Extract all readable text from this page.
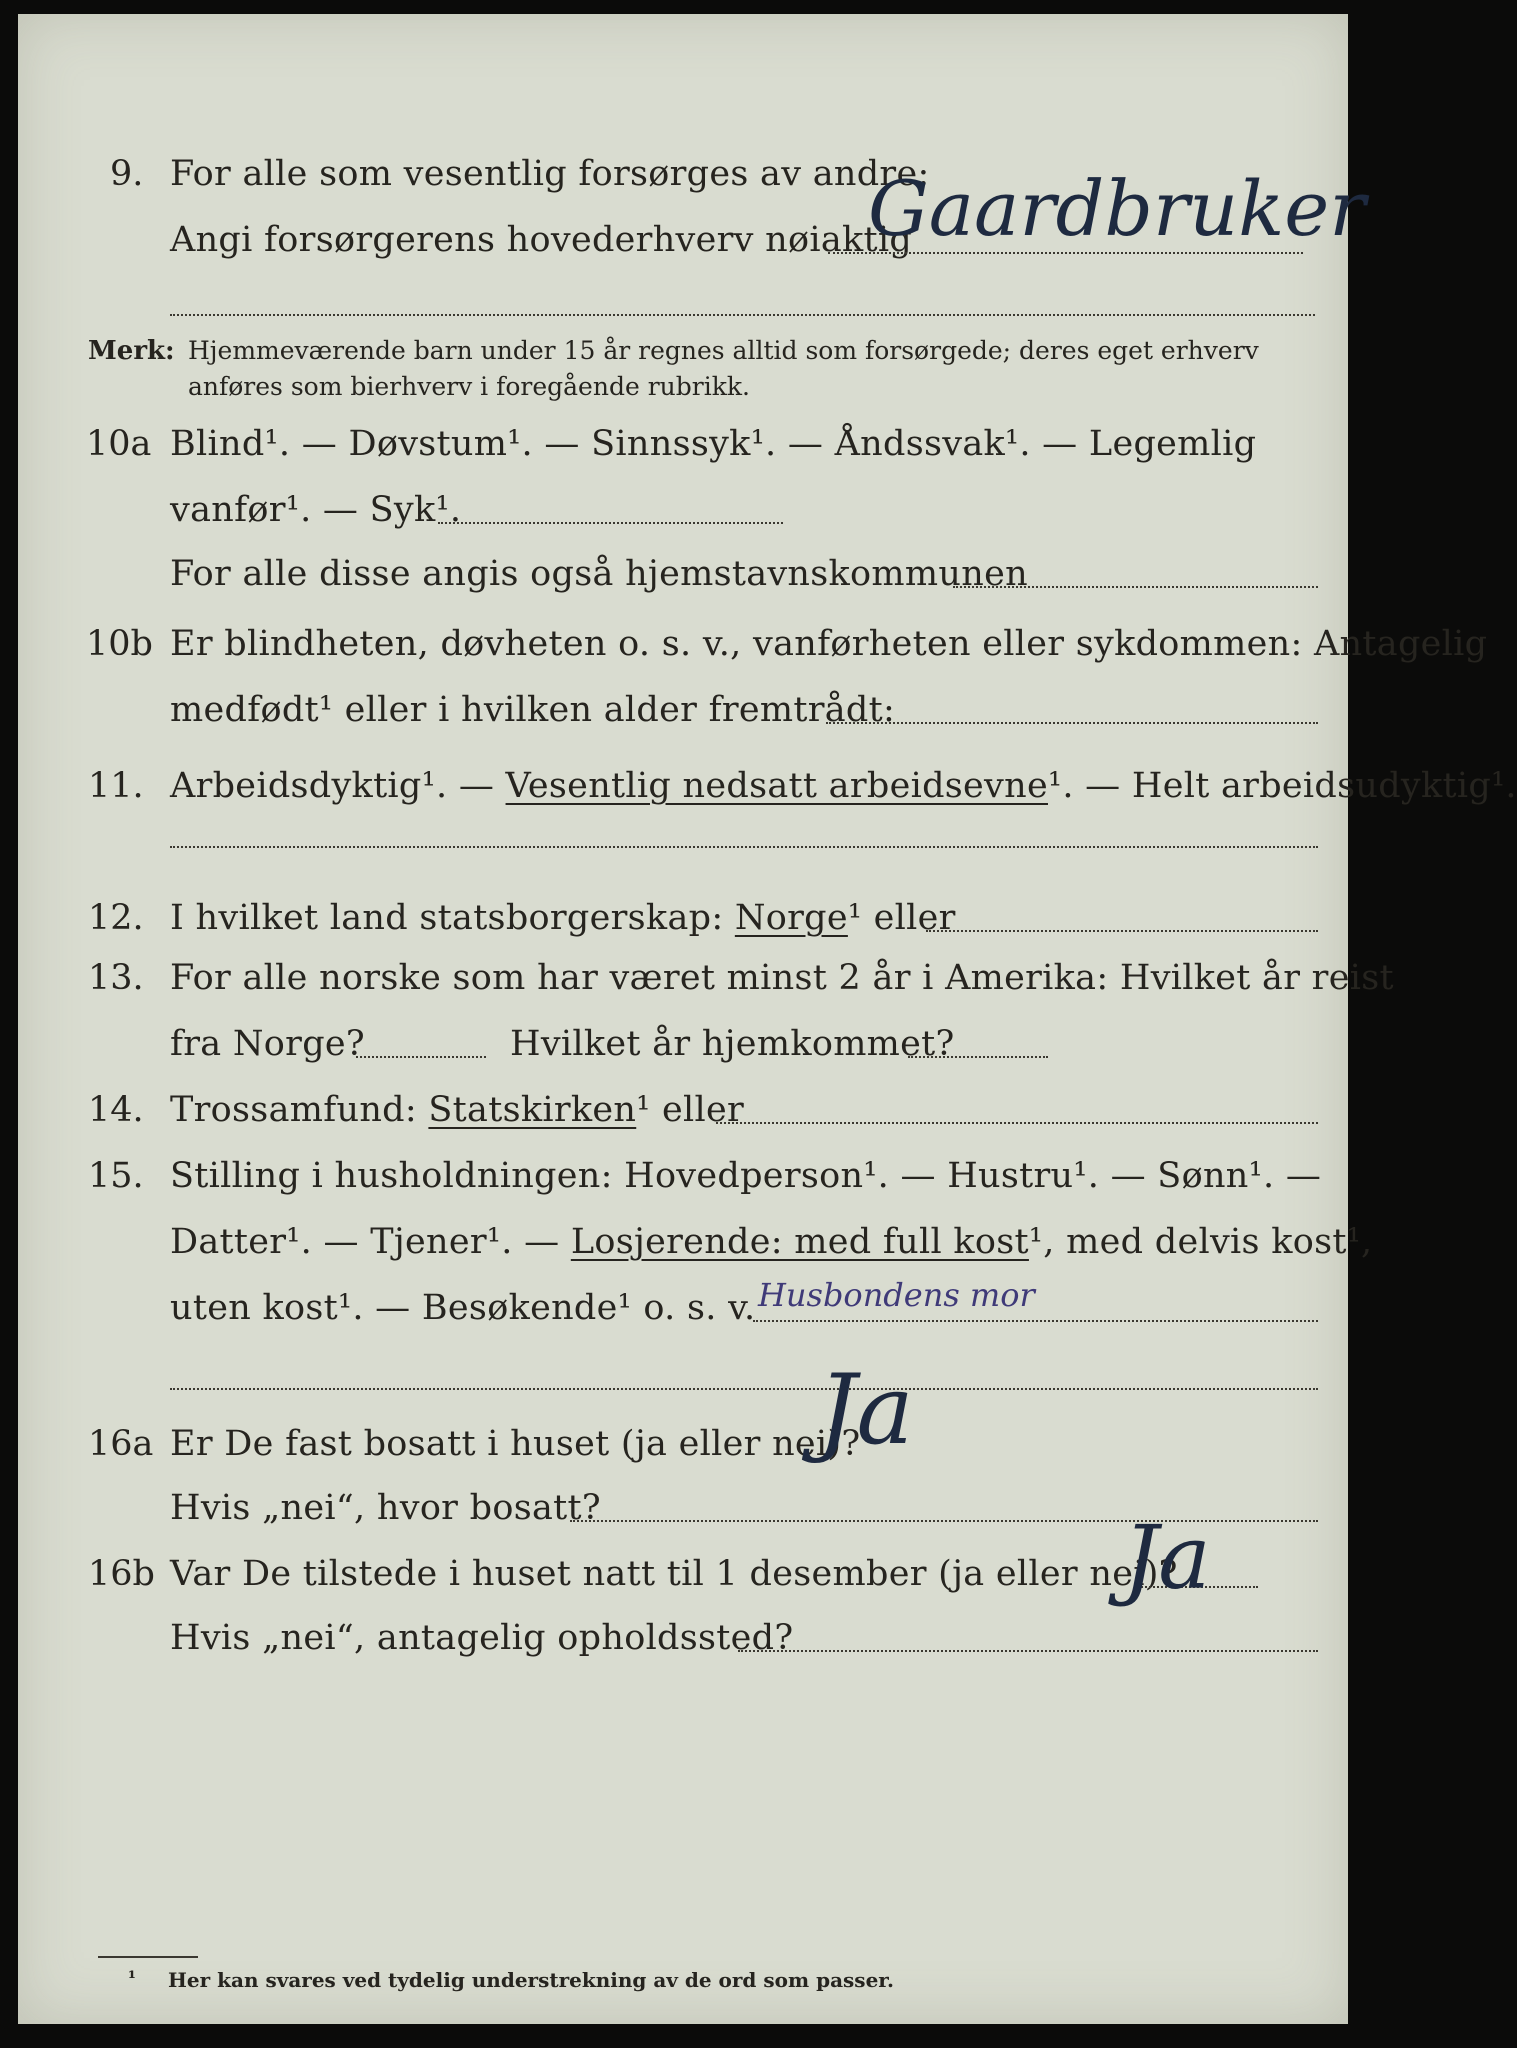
9. For alle som vesentlig forsørges av andre:
Angi forsørgerens hovederhverv nøiaktig
Gaardbruker
Merk: Hjemmeværende barn under 15 år regnes alltid som forsørgede; deres eget erhverv
anføres som bierhverv i foregående rubrikk.
10a Blind¹. — Døvstum¹. — Sinnssyk¹. — Åndssvak¹. — Legemlig
vanfør¹. — Syk¹.
For alle disse angis også hjemstavnskommunen
10b Er blindheten, døvheten o. s. v., vanførheten eller sykdommen: Antagelig
medfødt¹ eller i hvilken alder fremtrådt:
11. Arbeidsdyktig¹. — Vesentlig nedsatt arbeidsevne¹. — Helt arbeidsudyktig¹.
12. I hvilket land statsborgerskap: Norge¹ eller
13. For alle norske som har været minst 2 år i Amerika: Hvilket år reist
fra Norge?	Hvilket år hjemkommet?
14. Trossamfund: Statskirken¹ eller
15. Stilling i husholdningen: Hovedperson¹. — Hustru¹. — Sønn¹. —
Datter¹. — Tjener¹. — Losjerende: med full kost¹, med delvis kost¹,
uten kost¹. — Besøkende¹ o. s. v. Husbondens mor
16a Er De fast bosatt i huset (ja eller nei)?
Ja
Hvis „nei“, hvor bosatt?
16b Var De tilstede i huset natt til 1 desember (ja eller nei)?
Ja
Hvis „nei“, antagelig opholdssted?
¹ Her kan svares ved tydelig understrekning av de ord som passer.
